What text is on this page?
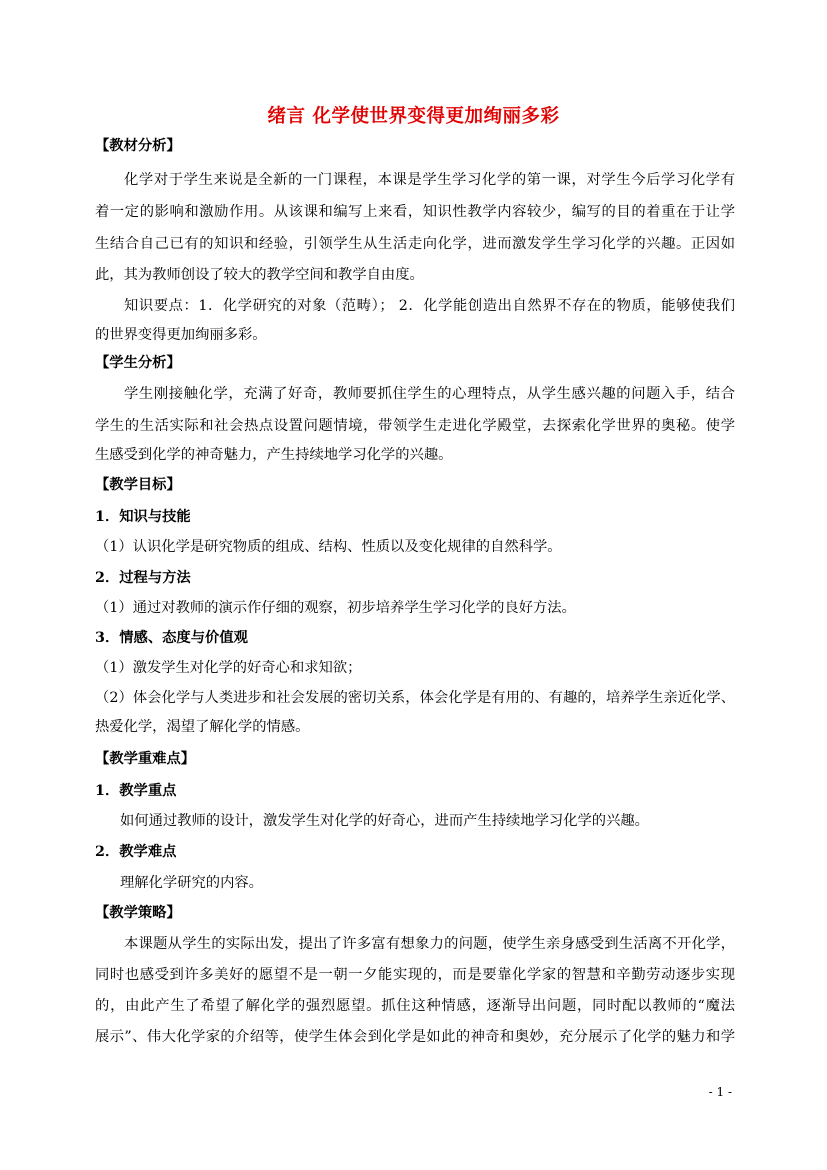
绪言 化学使世界变得更加绚丽多彩
【教材分析】
化学对于学生来说是全新的一门课程，本课是学生学习化学的第一课，对学生今后学习化学有
着一定的影响和激励作用。从该课和编写上来看，知识性教学内容较少，编写的目的着重在于让学
生结合自己已有的知识和经验，引领学生从生活走向化学，进而激发学生学习化学的兴趣。正因如
此，其为教师创设了较大的教学空间和教学自由度。
知识要点：1．化学研究的对象（范畴）； 2．化学能创造出自然界不存在的物质，能够使我们
的世界变得更加绚丽多彩。
【学生分析】
学生刚接触化学，充满了好奇，教师要抓住学生的心理特点，从学生感兴趣的问题入手，结合
学生的生活实际和社会热点设置问题情境，带领学生走进化学殿堂，去探索化学世界的奥秘。使学
生感受到化学的神奇魅力，产生持续地学习化学的兴趣。
【教学目标】
1．知识与技能
（1）认识化学是研究物质的组成、结构、性质以及变化规律的自然科学。
2．过程与方法
（1）通过对教师的演示作仔细的观察，初步培养学生学习化学的良好方法。
3．情感、态度与价值观
（1）激发学生对化学的好奇心和求知欲；
（2）体会化学与人类进步和社会发展的密切关系，体会化学是有用的、有趣的，培养学生亲近化学、
热爱化学，渴望了解化学的情感。
【教学重难点】
1．教学重点
如何通过教师的设计，激发学生对化学的好奇心，进而产生持续地学习化学的兴趣。
2．教学难点
理解化学研究的内容。
【教学策略】
本课题从学生的实际出发，提出了许多富有想象力的问题，使学生亲身感受到生活离不开化学，
同时也感受到许多美好的愿望不是一朝一夕能实现的，而是要靠化学家的智慧和辛勤劳动逐步实现
的，由此产生了希望了解化学的强烈愿望。抓住这种情感，逐渐导出问题，同时配以教师的“魔法
展示”、伟大化学家的介绍等，使学生体会到化学是如此的神奇和奥妙，充分展示了化学的魅力和学
- 1 -
